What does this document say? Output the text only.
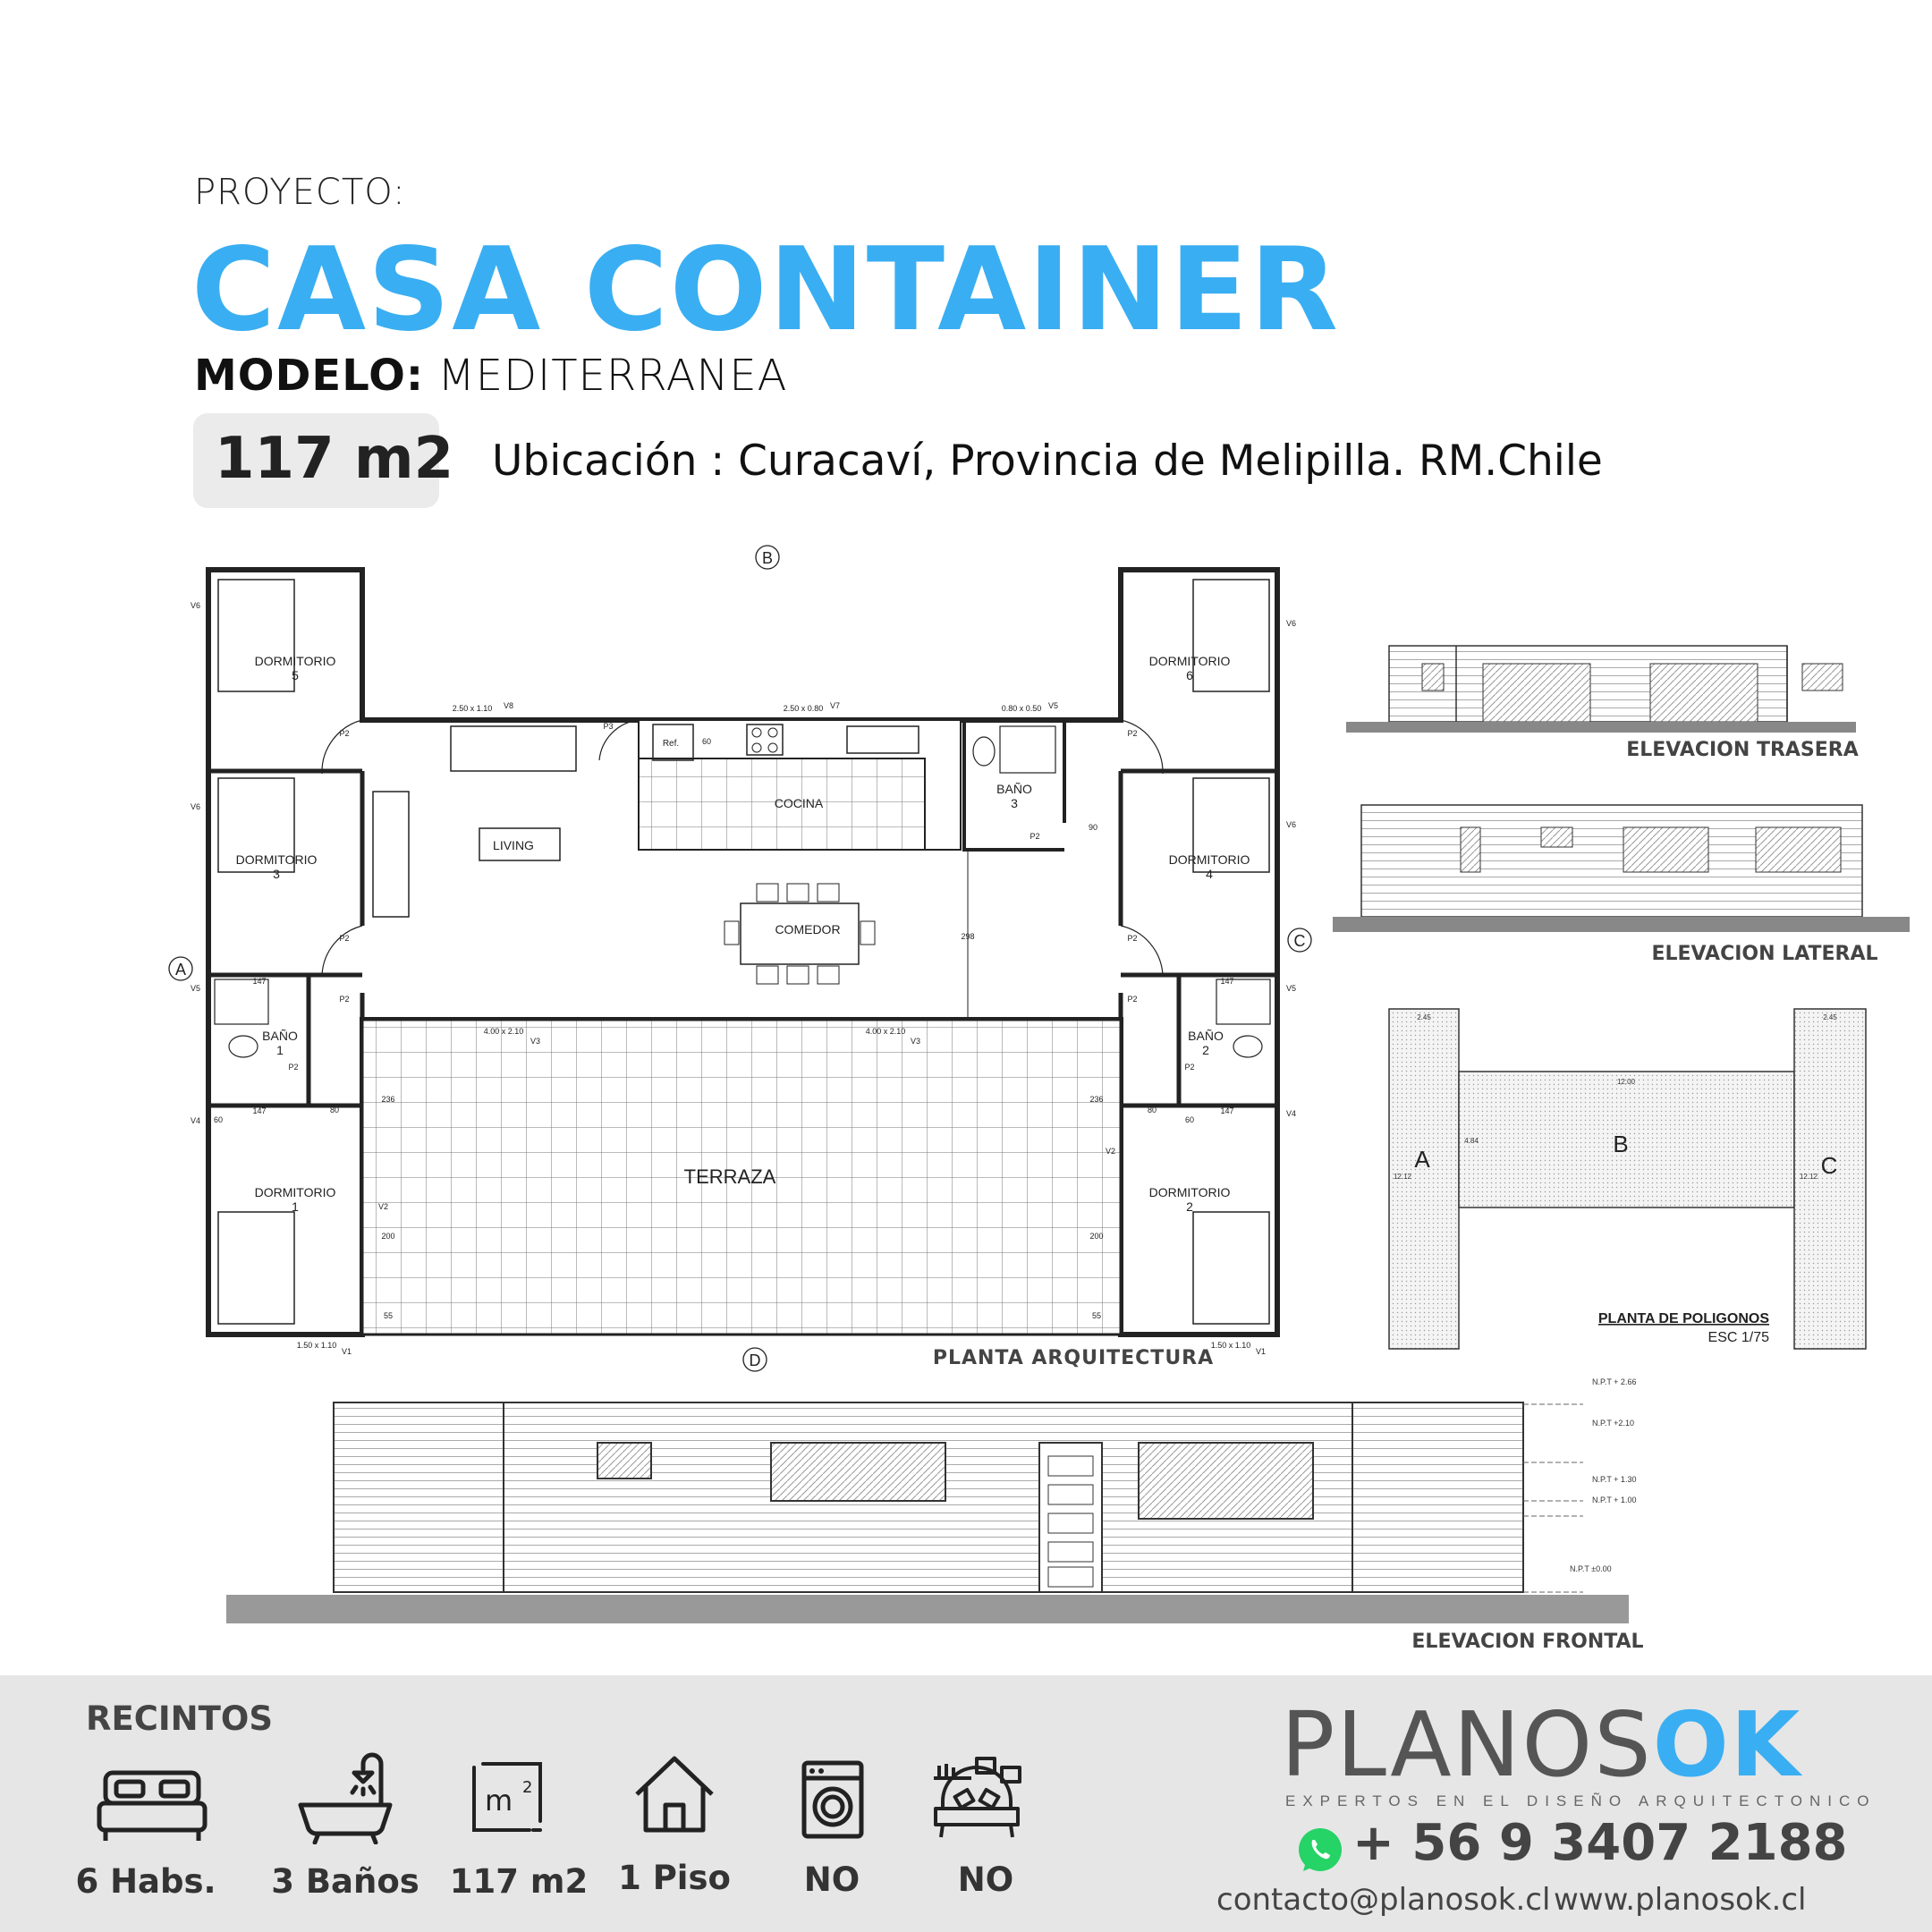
PROYECTO:
CASA CONTAINER
MODELO: MEDITERRANEA
117 m2 Ubicación : Curacaví, Provincia de Melipilla. RM.Chile
DORMITORIO
5
DORMITORIO
6
DORMITORIO
3
DORMITORIO
4
DORMITORIO
1
DORMITORIO
2
BAÑO
1
BAÑO
2
BAÑO
3
LIVING
COCINA
COMEDOR
TERRAZA
Ref.
2.50 x 1.10 V8	2.50 x 0.80 V7	0.80 x 0.50 V5
4.00 x 2.10
V3
4.00 x 2.10
V3
1.50 x 1.10
V1
1.50 x 1.10
V1
V6
V6
V6
V6
V5	V5
V4
V4
V2
V2
P2
P2
P2
P2
P2
P2
P2	P2
P2
P3
147	147
147	147
80	80
90
298
236	236
200	200
55	55
60
60	60
B
A
C
D	PLANTA ARQUITECTURA
ELEVACION TRASERA
ELEVACION LATERAL
A
B
C
2.45	2.45
12.00
12.12
4.84
12.12
PLANTA DE POLIGONOS
ESC 1/75
N.P.T + 2.66
N.P.T +2.10
N.P.T + 1.30
N.P.T + 1.00
N.P.T ±0.00
ELEVACION FRONTAL
RECINTOS
6 Habs.	3 Baños
m 2
117 m2 1 Piso	NO	NO
PLANOSOK
EXPERTOS EN EL DISEÑO ARQUITECTONICO
+ 56 9 3407 2188
contacto@planosok.cl www.planosok.cl
